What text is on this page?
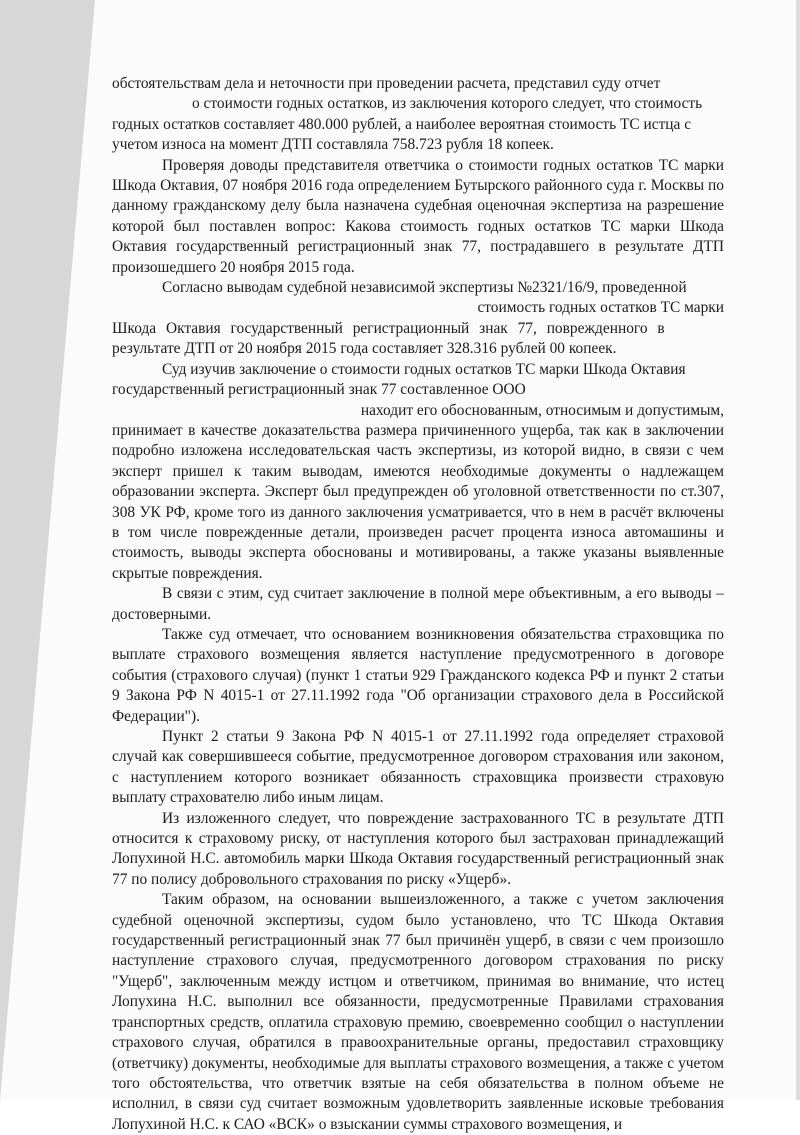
обстоятельствам дела и неточности при проведении расчета, представил суду отчет
о стоимости годных остатков, из заключения которого следует, что стоимость
годных остатков составляет 480.000 рублей, а наиболее вероятная стоимость ТС истца с
учетом износа на момент ДТП составляла 758.723 рубля 18 копеек.

Проверяя доводы представителя ответчика о стоимости годных остатков ТС марки Шкода Октавия, 07 ноября 2016 года определением Бутырского районного суда г. Москвы по данному гражданскому делу была назначена судебная оценочная экспертиза на разрешение которой был поставлен вопрос: Какова стоимость годных остатков ТС марки Шкода Октавия государственный регистрационный знак 77, пострадавшего в результате ДТП произошедшего 20 ноября 2015 года.

Согласно выводам судебной независимой экспертизы №2321/16/9, проведенной
стоимость годных остатков ТС марки
Шкода Октавия государственный регистрационный знак 77, поврежденного в
результате ДТП от 20 ноября 2015 года составляет 328.316 рублей 00 копеек.

Суд изучив заключение о стоимости годных остатков ТС марки Шкода Октавия
государственный регистрационный знак 77 составленное ООО
находит его обоснованным, относимым и допустимым,
принимает в качестве доказательства размера причиненного ущерба, так как в заключении подробно изложена исследовательская часть экспертизы, из которой видно, в связи с чем эксперт пришел к таким выводам, имеются необходимые документы о надлежащем образовании эксперта. Эксперт был предупрежден об уголовной ответственности по ст.307, 308 УК РФ, кроме того из данного заключения усматривается, что в нем в расчёт включены в том числе поврежденные детали, произведен расчет процента износа автомашины и стоимость, выводы эксперта обоснованы и мотивированы, а также указаны выявленные скрытые повреждения.

В связи с этим, суд считает заключение в полной мере объективным, а его выводы – достоверными.

Также суд отмечает, что основанием возникновения обязательства страховщика по выплате страхового возмещения является наступление предусмотренного в договоре события (страхового случая) (пункт 1 статьи 929 Гражданского кодекса РФ и пункт 2 статьи 9 Закона РФ N 4015-1 от 27.11.1992 года "Об организации страхового дела в Российской Федерации").

Пункт 2 статьи 9 Закона РФ N 4015-1 от 27.11.1992 года определяет страховой случай как совершившееся событие, предусмотренное договором страхования или законом, с наступлением которого возникает обязанность страховщика произвести страховую выплату страхователю либо иным лицам.

Из изложенного следует, что повреждение застрахованного ТС в результате ДТП относится к страховому риску, от наступления которого был застрахован принадлежащий Лопухиной Н.С. автомобиль марки Шкода Октавия государственный регистрационный знак 77 по полису добровольного страхования по риску «Ущерб».

Таким образом, на основании вышеизложенного, а также с учетом заключения судебной оценочной экспертизы, судом было установлено, что ТС Шкода Октавия государственный регистрационный знак 77 был причинён ущерб, в связи с чем произошло наступление страхового случая, предусмотренного договором страхования по риску "Ущерб", заключенным между истцом и ответчиком, принимая во внимание, что истец Лопухина Н.С. выполнил все обязанности, предусмотренные Правилами страхования транспортных средств, оплатила страховую премию, своевременно сообщил о наступлении страхового случая, обратился в правоохранительные органы, предоставил страховщику (ответчику) документы, необходимые для выплаты страхового возмещения, а также с учетом того обстоятельства, что ответчик взятые на себя обязательства в полном объеме не исполнил, в связи суд считает возможным удовлетворить заявленные исковые требования Лопухиной Н.С. к САО «ВСК» о взыскании суммы страхового возмещения, и
